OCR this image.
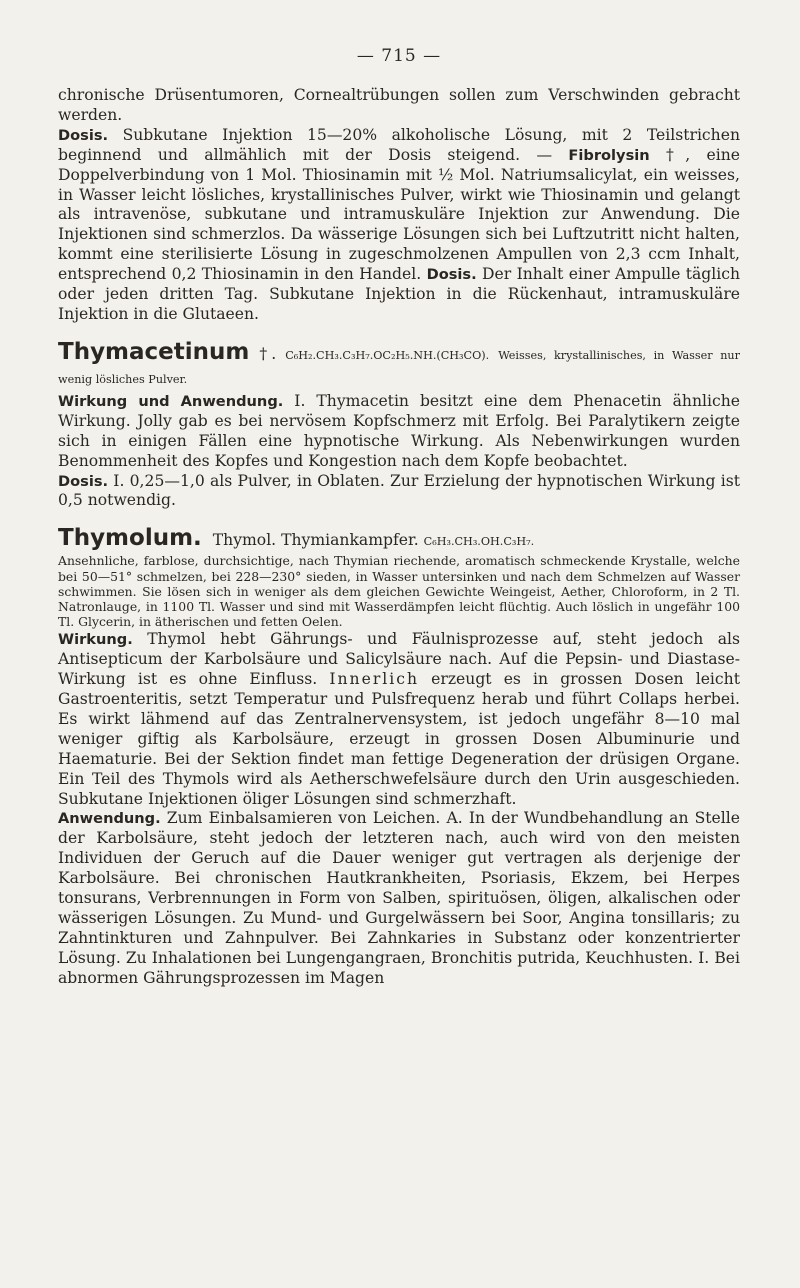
— 715 —

chronische Drüsentumoren, Cornealtrübungen sollen zum Verschwinden gebracht werden.

Dosis. Subkutane Injektion 15—20% alkoholische Lösung, mit 2 Teilstrichen beginnend und allmählich mit der Dosis steigend. — Fibrolysin †, eine Doppelverbindung von 1 Mol. Thiosinamin mit ½ Mol. Natriumsalicylat, ein weisses, in Wasser leicht lösliches, krystallinisches Pulver, wirkt wie Thiosinamin und gelangt als intravenöse, subkutane und intramuskuläre Injektion zur Anwendung. Die Injektionen sind schmerzlos. Da wässerige Lösungen sich bei Luftzutritt nicht halten, kommt eine sterilisierte Lösung in zugeschmolzenen Ampullen von 2,3 ccm Inhalt, entsprechend 0,2 Thiosinamin in den Handel. Dosis. Der Inhalt einer Ampulle täglich oder jeden dritten Tag. Subkutane Injektion in die Rückenhaut, intramuskuläre Injektion in die Glutaeen.

Thymacetinum †. C₆H₂.CH₃.C₃H₇.OC₂H₅.NH.(CH₃CO). Weisses, krystallinisches, in Wasser nur wenig lösliches Pulver.

Wirkung und Anwendung. I. Thymacetin besitzt eine dem Phenacetin ähnliche Wirkung. Jolly gab es bei nervösem Kopfschmerz mit Erfolg. Bei Paralytikern zeigte sich in einigen Fällen eine hypnotische Wirkung. Als Nebenwirkungen wurden Benommenheit des Kopfes und Kongestion nach dem Kopfe beobachtet.

Dosis. I. 0,25—1,0 als Pulver, in Oblaten. Zur Erzielung der hypnotischen Wirkung ist 0,5 notwendig.

Thymolum. Thymol. Thymiankampfer. C₆H₃.CH₃.OH.C₃H₇.

Ansehnliche, farblose, durchsichtige, nach Thymian riechende, aromatisch schmeckende Krystalle, welche bei 50—51° schmelzen, bei 228—230° sieden, in Wasser untersinken und nach dem Schmelzen auf Wasser schwimmen. Sie lösen sich in weniger als dem gleichen Gewichte Weingeist, Aether, Chloroform, in 2 Tl. Natronlauge, in 1100 Tl. Wasser und sind mit Wasserdämpfen leicht flüchtig. Auch löslich in ungefähr 100 Tl. Glycerin, in ätherischen und fetten Oelen.

Wirkung. Thymol hebt Gährungs- und Fäulnisprozesse auf, steht jedoch als Antisepticum der Karbolsäure und Salicylsäure nach. Auf die Pepsin- und Diastase-Wirkung ist es ohne Einfluss. Innerlich erzeugt es in grossen Dosen leicht Gastroenteritis, setzt Temperatur und Pulsfrequenz herab und führt Collaps herbei. Es wirkt lähmend auf das Zentralnervensystem, ist jedoch ungefähr 8—10 mal weniger giftig als Karbolsäure, erzeugt in grossen Dosen Albuminurie und Haematurie. Bei der Sektion findet man fettige Degeneration der drüsigen Organe. Ein Teil des Thymols wird als Aetherschwefelsäure durch den Urin ausgeschieden. Subkutane Injektionen öliger Lösungen sind schmerzhaft.

Anwendung. Zum Einbalsamieren von Leichen. A. In der Wundbehandlung an Stelle der Karbolsäure, steht jedoch der letzteren nach, auch wird von den meisten Individuen der Geruch auf die Dauer weniger gut vertragen als derjenige der Karbolsäure. Bei chronischen Hautkrankheiten, Psoriasis, Ekzem, bei Herpes tonsurans, Verbrennungen in Form von Salben, spirituösen, öligen, alkalischen oder wässerigen Lösungen. Zu Mund- und Gurgelwässern bei Soor, Angina tonsillaris; zu Zahntinkturen und Zahnpulver. Bei Zahnkaries in Substanz oder konzentrierter Lösung. Zu Inhalationen bei Lungengangraen, Bronchitis putrida, Keuchhusten. I. Bei abnormen Gährungsprozessen im Magen
